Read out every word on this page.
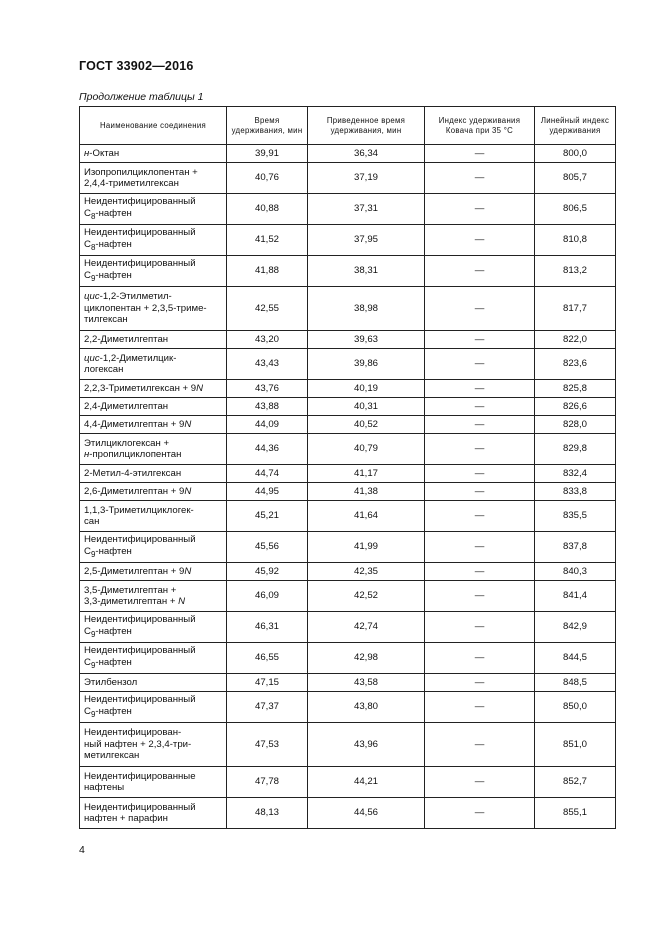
ГОСТ 33902—2016
Продолжение таблицы 1
Наименование соединения	Время удерживания, мин	Приведенное время удерживания, мин	Индекс удерживания Ковача при 35 °С	Линейный индекс удерживания
н-Октан	39,91	36,34	—	800,0
Изопропилциклопентан +
2,4,4-триметилгексан	40,76	37,19	—	805,7
Неидентифицированный
$C_8$-нафтен	40,88	37,31	—	806,5
Неидентифицированный
$C_8$-нафтен	41,52	37,95	—	810,8
Неидентифицированный
$C_9$-нафтен	41,88	38,31	—	813,2
цис-1,2-Этилметил-
циклопентан + 2,3,5-триме-
тилгексан	42,55	38,98	—	817,7
2,2-Диметилгептан	43,20	39,63	—	822,0
цис-1,2-Диметилцик-
логексан	43,43	39,86	—	823,6
2,2,3-Триметилгексан + 9N	43,76	40,19	—	825,8
2,4-Диметилгептан	43,88	40,31	—	826,6
4,4-Диметилгептан + 9N	44,09	40,52	—	828,0
Этилциклогексан +
н-пропилциклопентан	44,36	40,79	—	829,8
2-Метил-4-этилгексан	44,74	41,17	—	832,4
2,6-Диметилгептан + 9N	44,95	41,38	—	833,8
1,1,3-Триметилциклогек-
сан	45,21	41,64	—	835,5
Неидентифицированный
$C_9$-нафтен	45,56	41,99	—	837,8
2,5-Диметилгептан + 9N	45,92	42,35	—	840,3
3,5-Диметилгептан +
3,3-диметилгептан + N	46,09	42,52	—	841,4
Неидентифицированный
$C_9$-нафтен	46,31	42,74	—	842,9
Неидентифицированный
$C_9$-нафтен	46,55	42,98	—	844,5
Этилбензол	47,15	43,58	—	848,5
Неидентифицированный
$C_9$-нафтен	47,37	43,80	—	850,0
Неидентифицирован-
ный нафтен + 2,3,4-три-
метилгексан	47,53	43,96	—	851,0
Неидентифицированные
нафтены	47,78	44,21	—	852,7
Неидентифицированный
нафтен + парафин	48,13	44,56	—	855,1
4
